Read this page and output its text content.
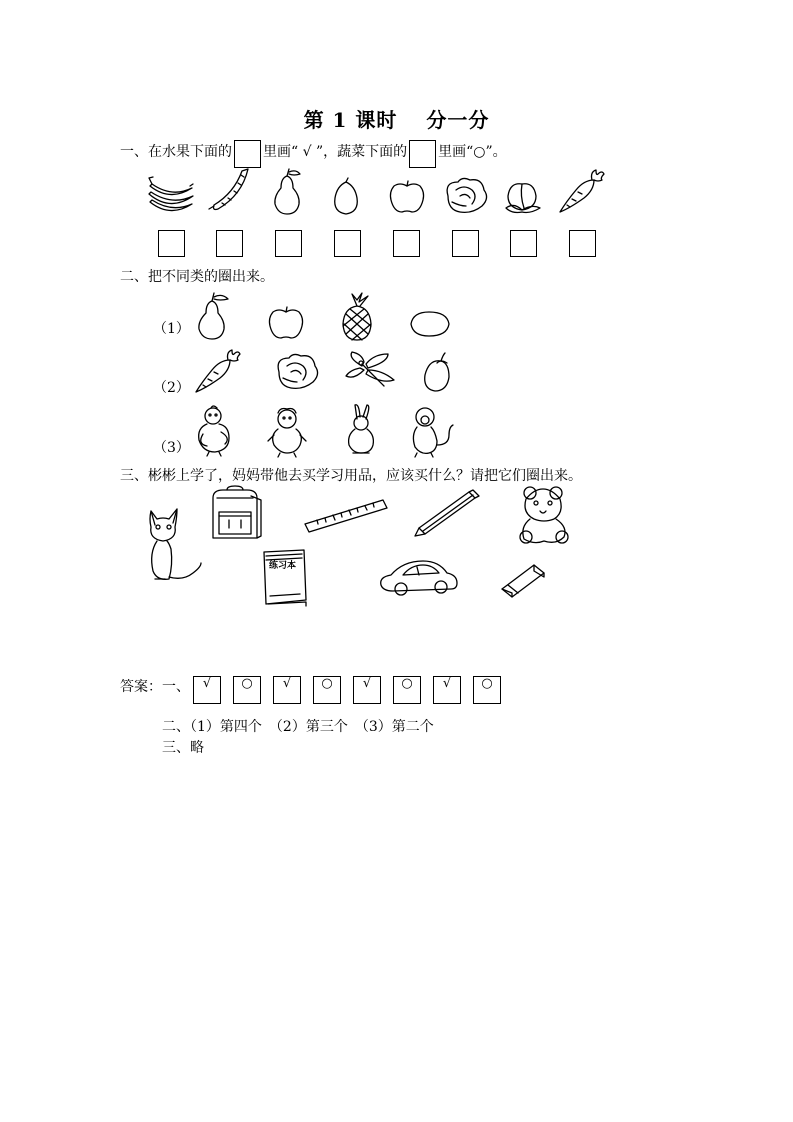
第 1 课时　 分一分
一、在水果下面的 里画“ √ ”，蔬菜下面的 里画“○”。
二、把不同类的圈出来。
（1）
（2）
（3）
三、彬彬上学了，妈妈带他去买学习用品，应该买什么？请把它们圈出来。
练习本
答案：一、 √	○	√	○	√	○	√	○
二、（1）第四个　（2）第三个　（3）第二个
三、略
